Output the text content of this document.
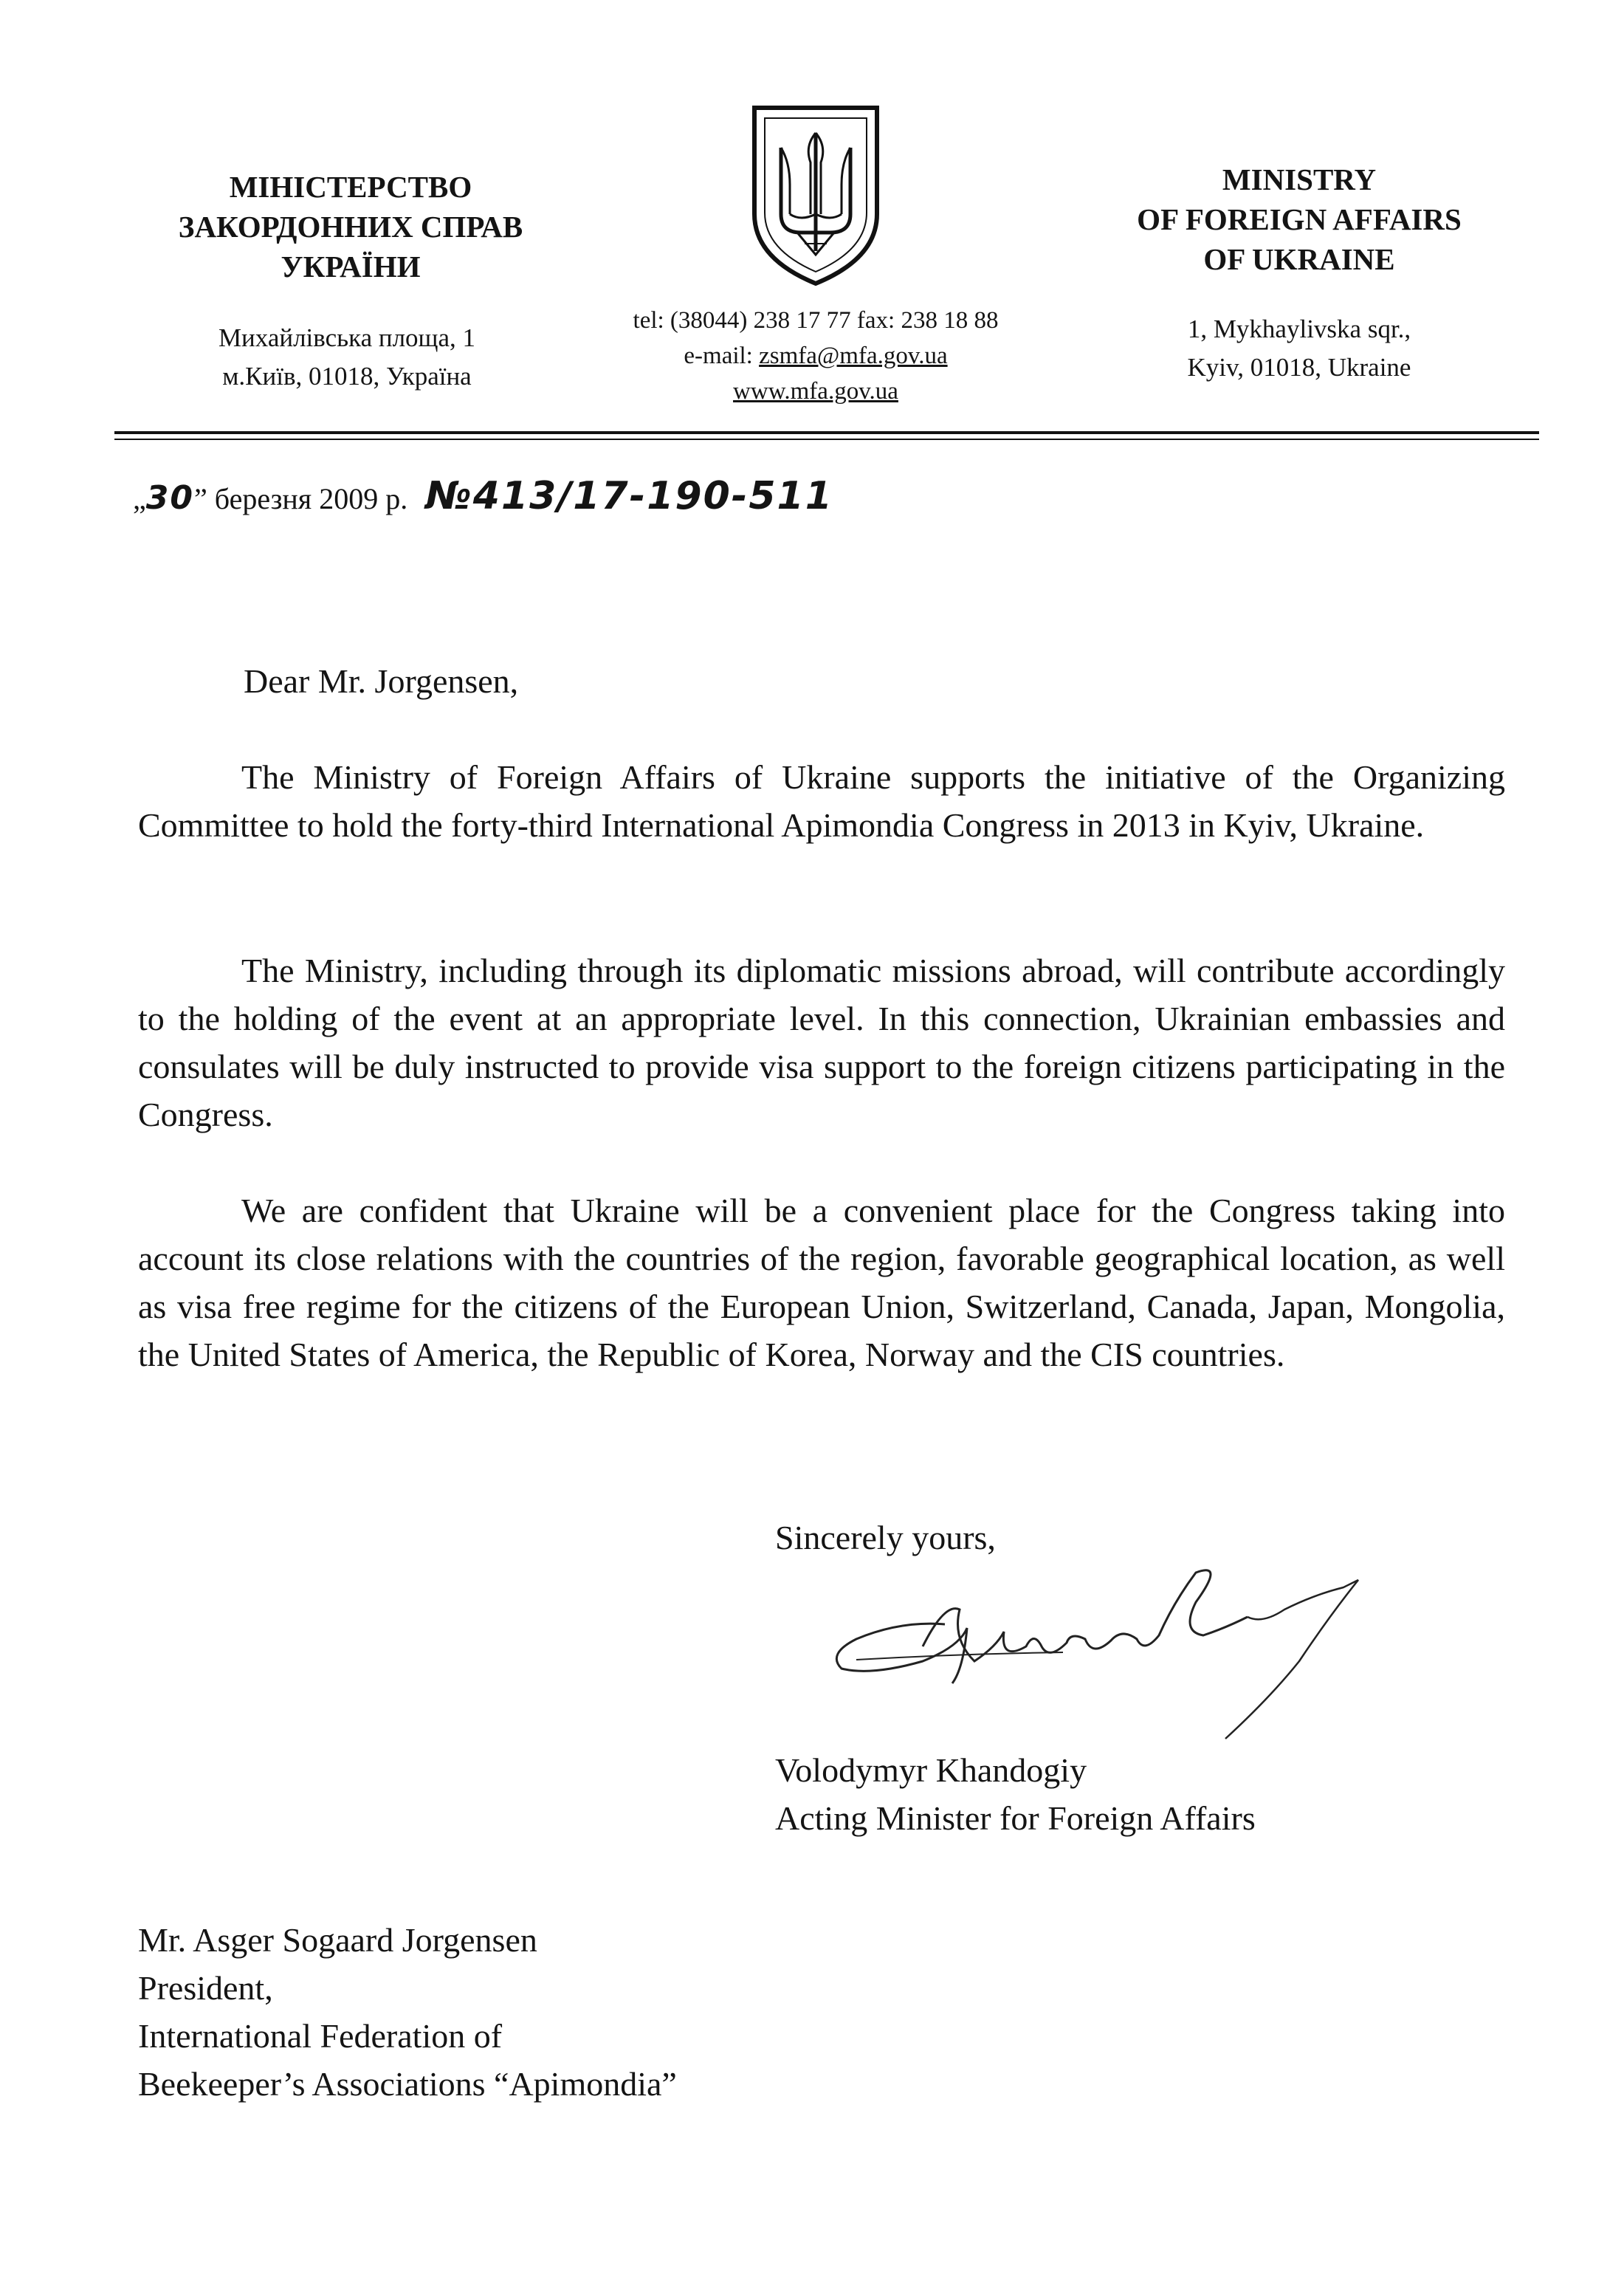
МІНІСТЕРСТВО
ЗАКОРДОННИХ СПРАВ
УКРАЇНИ
Михайлівська площа, 1
м.Київ, 01018, Україна
tel: (38044) 238 17 77 fax: 238 18 88
e-mail: zsmfa@mfa.gov.ua
www.mfa.gov.ua
MINISTRY
OF FOREIGN AFFAIRS
OF UKRAINE
1, Mykhaylivska sqr.,
Kyiv, 01018, Ukraine
„30” березня 2009 р. №413/17-190-511
Dear Mr. Jorgensen,
The Ministry of Foreign Affairs of Ukraine supports the initiative of the Organizing Committee to hold the forty-third International Apimondia Congress in 2013 in Kyiv, Ukraine.
The Ministry, including through its diplomatic missions abroad, will contribute accordingly to the holding of the event at an appropriate level. In this connection, Ukrainian embassies and consulates will be duly instructed to provide visa support to the foreign citizens participating in the Congress.
We are confident that Ukraine will be a convenient place for the Congress taking into account its close relations with the countries of the region, favorable geographical location, as well as visa free regime for the citizens of the European Union, Switzerland, Canada, Japan, Mongolia, the United States of America, the Republic of Korea, Norway and the CIS countries.
Sincerely yours,
Volodymyr Khandogiy
Acting Minister for Foreign Affairs
Mr. Asger Sogaard Jorgensen
President,
International Federation of
Beekeeper’s Associations “Apimondia”
